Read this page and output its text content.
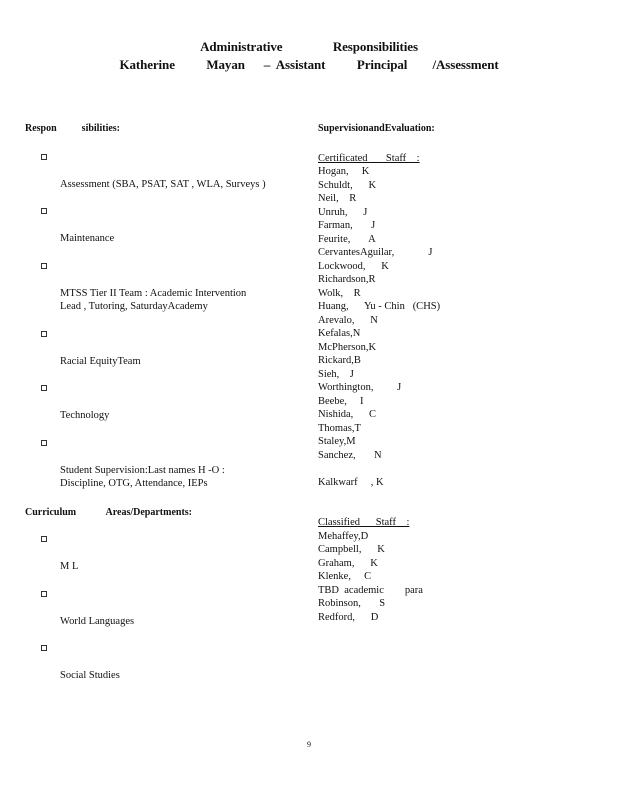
Administrative                Responsibilities
Katherine          Mayan      –  Assistant          Principal        /Assessment
Respon          sibilities:

Assessment (SBA, PSAT, SAT , WLA, Surveys )

Maintenance

MTSS Tier II Team : Academic Intervention
Lead , Tutoring, SaturdayAcademy

Racial EquityTeam

Technology

Student Supervision:Last names H -O :
Discipline, OTG, Attendance, IEPs

Curriculum            Areas/Departments:

M L

World Languages

Social Studies

SupervisionandEvaluation:
Certificated       Staff    :
Hogan,     K
Schuldt,      K
Neil,    R
Unruh,      J
Farman,       J
Feurite,       A
CervantesAguilar,             J
Lockwood,      K
Richardson,R
Wolk,    R
Huang,      Yu - Chin   (CHS)
Arevalo,      N
Kefalas,N
McPherson,K
Rickard,B
Sieh,    J
Worthington,         J
Beebe,     I
Nishida,      C
Thomas,T
Staley,M
Sanchez,       N
Kalkwarf     , K
Classified      Staff    :
Mehaffey,D
Campbell,      K
Graham,      K
Klenke,     C
TBD  academic        para
Robinson,       S
Redford,      D
9
